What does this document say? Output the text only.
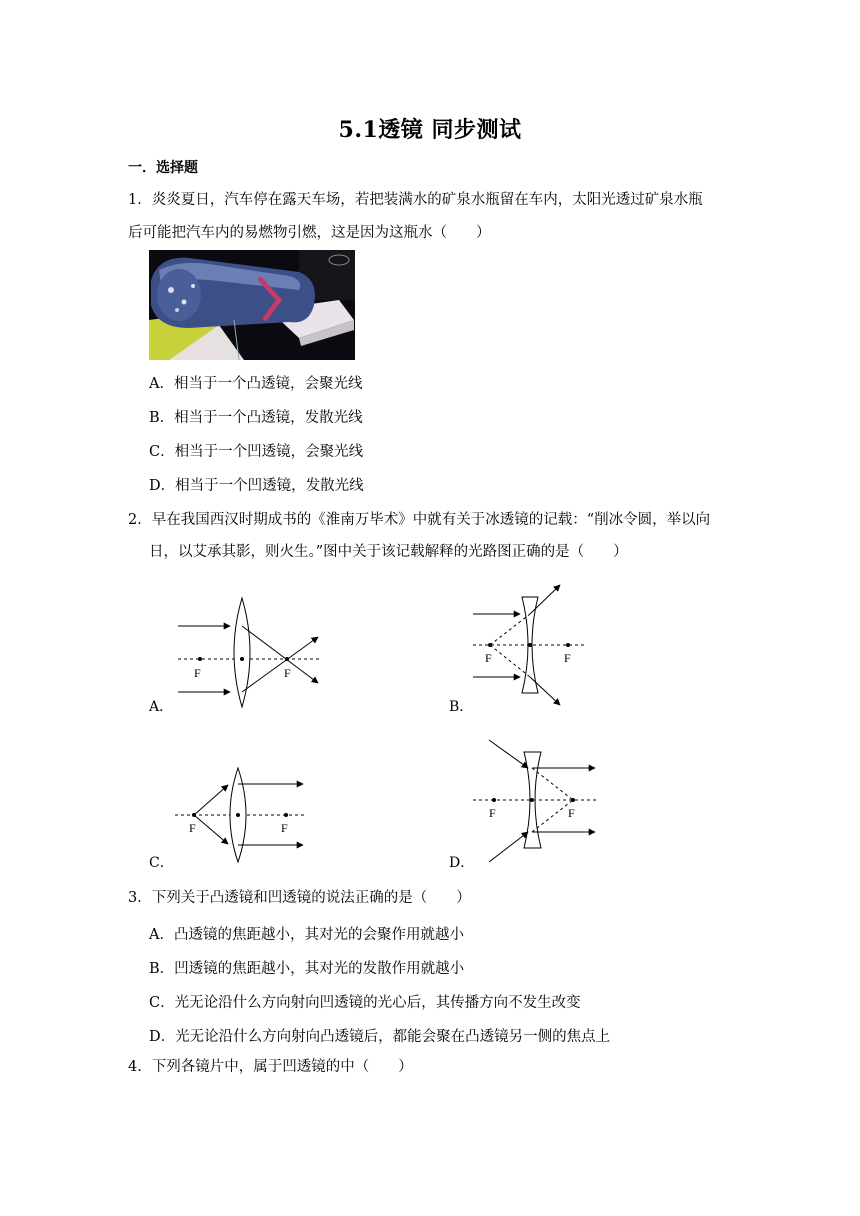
5.1透镜 同步测试
一．选择题
1．炎炎夏日，汽车停在露天车场，若把装满水的矿泉水瓶留在车内，太阳光透过矿泉水瓶
后可能把汽车内的易燃物引燃，这是因为这瓶水（　　）
A．相当于一个凸透镜，会聚光线
B．相当于一个凸透镜，发散光线
C．相当于一个凹透镜，会聚光线
D．相当于一个凹透镜，发散光线
2．早在我国西汉时期成书的《淮南万毕术》中就有关于冰透镜的记载：“削冰令圆，举以向
日，以艾承其影，则火生。”图中关于该记载解释的光路图正确的是（　　）
F	F
F	F
F	F
F	F
A．	B．
C．	D．
3．下列关于凸透镜和凹透镜的说法正确的是（　　）
A．凸透镜的焦距越小，其对光的会聚作用就越小
B．凹透镜的焦距越小，其对光的发散作用就越小
C．光无论沿什么方向射向凹透镜的光心后，其传播方向不发生改变
D．光无论沿什么方向射向凸透镜后，都能会聚在凸透镜另一侧的焦点上
4．下列各镜片中，属于凹透镜的中（　　）
